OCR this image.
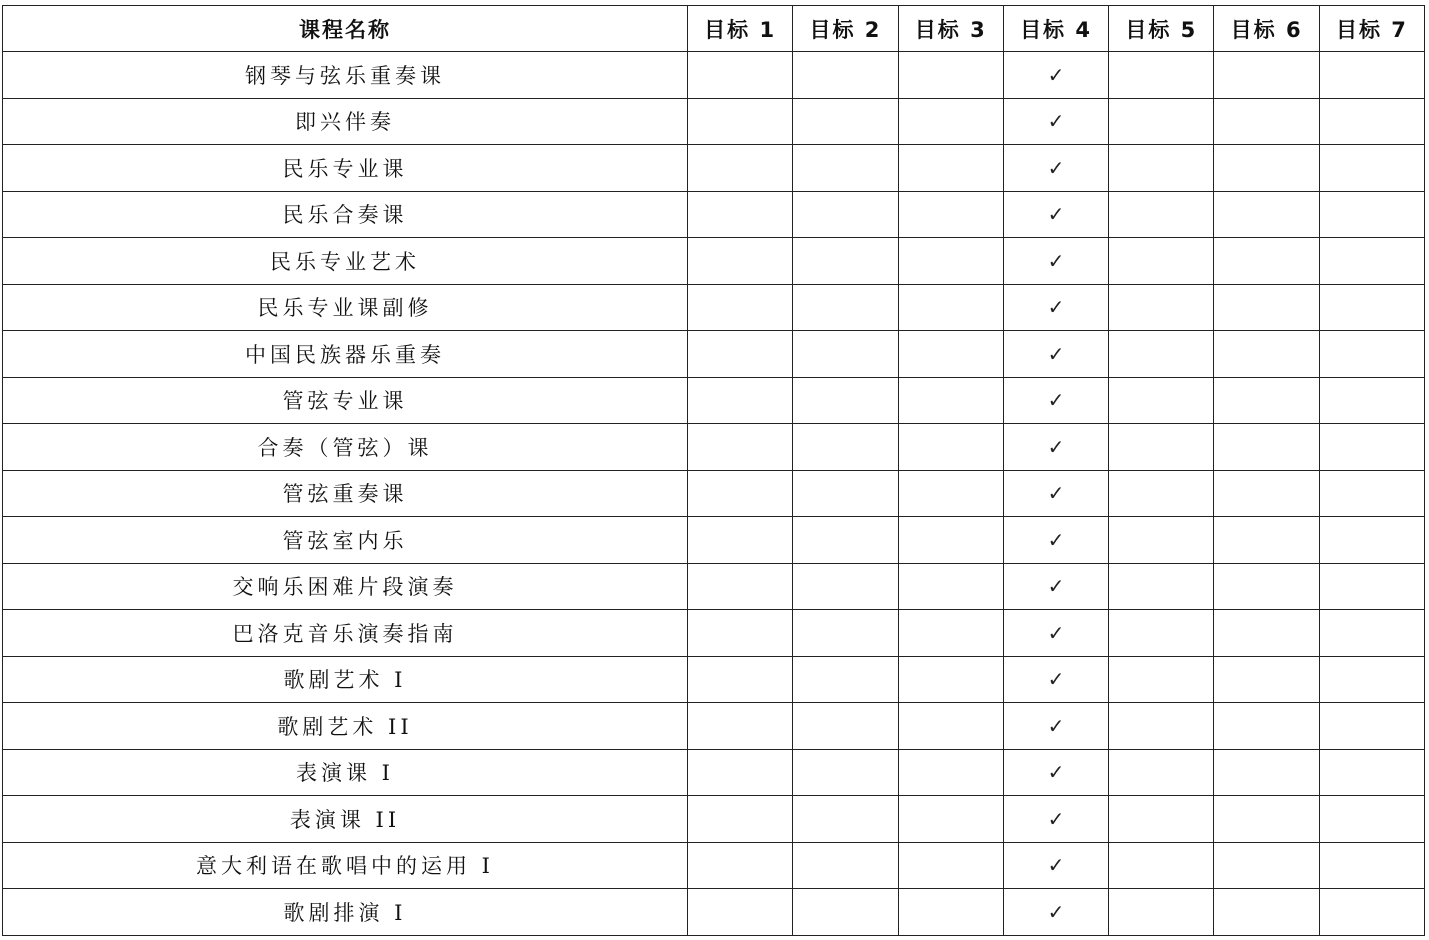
课程名称	目标 1	目标 2	目标 3	目标 4	目标 5	目标 6	目标 7
钢琴与弦乐重奏课				✓			
即兴伴奏				✓			
民乐专业课				✓			
民乐合奏课				✓			
民乐专业艺术				✓			
民乐专业课副修				✓			
中国民族器乐重奏				✓			
管弦专业课				✓			
合奏（管弦）课				✓			
管弦重奏课				✓			
管弦室内乐				✓			
交响乐困难片段演奏				✓			
巴洛克音乐演奏指南				✓			
歌剧艺术 I				✓			
歌剧艺术 II				✓			
表演课 I				✓			
表演课 II				✓			
意大利语在歌唱中的运用 I				✓			
歌剧排演 I				✓			
